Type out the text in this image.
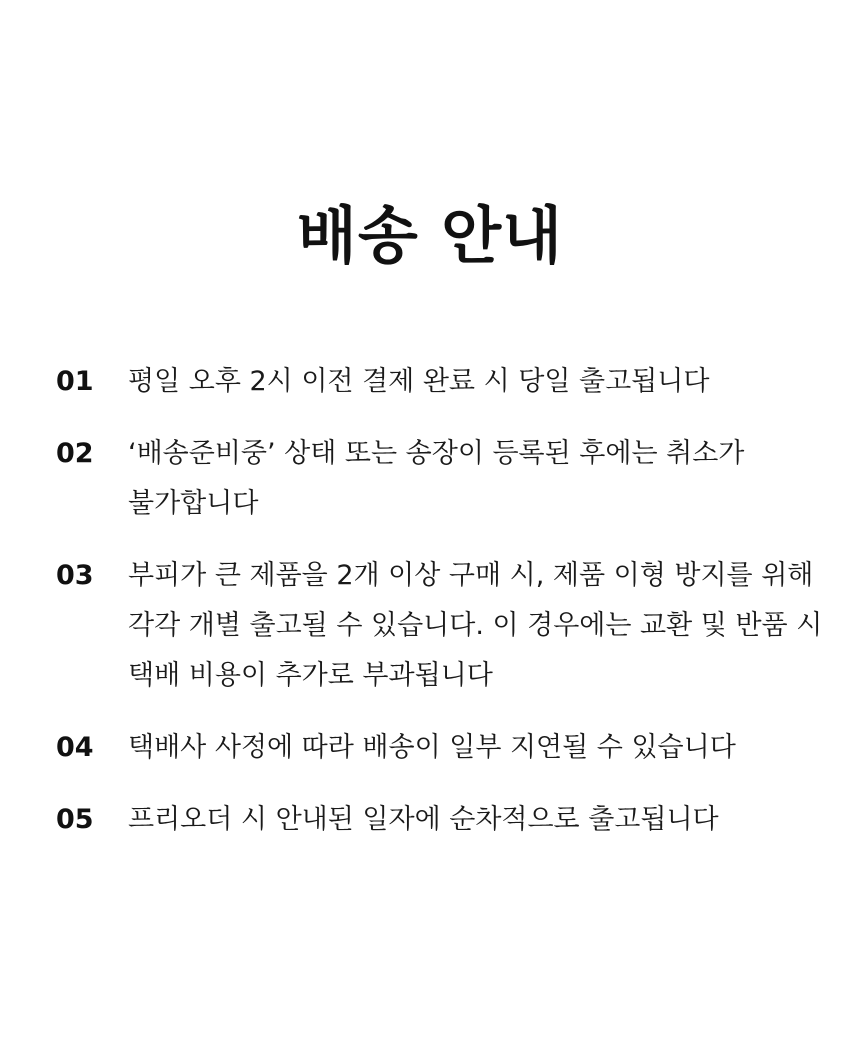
배송 안내
01	평일 오후 2시 이전 결제 완료 시 당일 출고됩니다
02	‘배송준비중’ 상태 또는 송장이 등록된 후에는 취소가 불가합니다
03	부피가 큰 제품을 2개 이상 구매 시, 제품 이형 방지를 위해 각각 개별 출고될 수 있습니다. 이 경우에는 교환 및 반품 시 택배 비용이 추가로 부과됩니다
04	택배사 사정에 따라 배송이 일부 지연될 수 있습니다
05	프리오더 시 안내된 일자에 순차적으로 출고됩니다
